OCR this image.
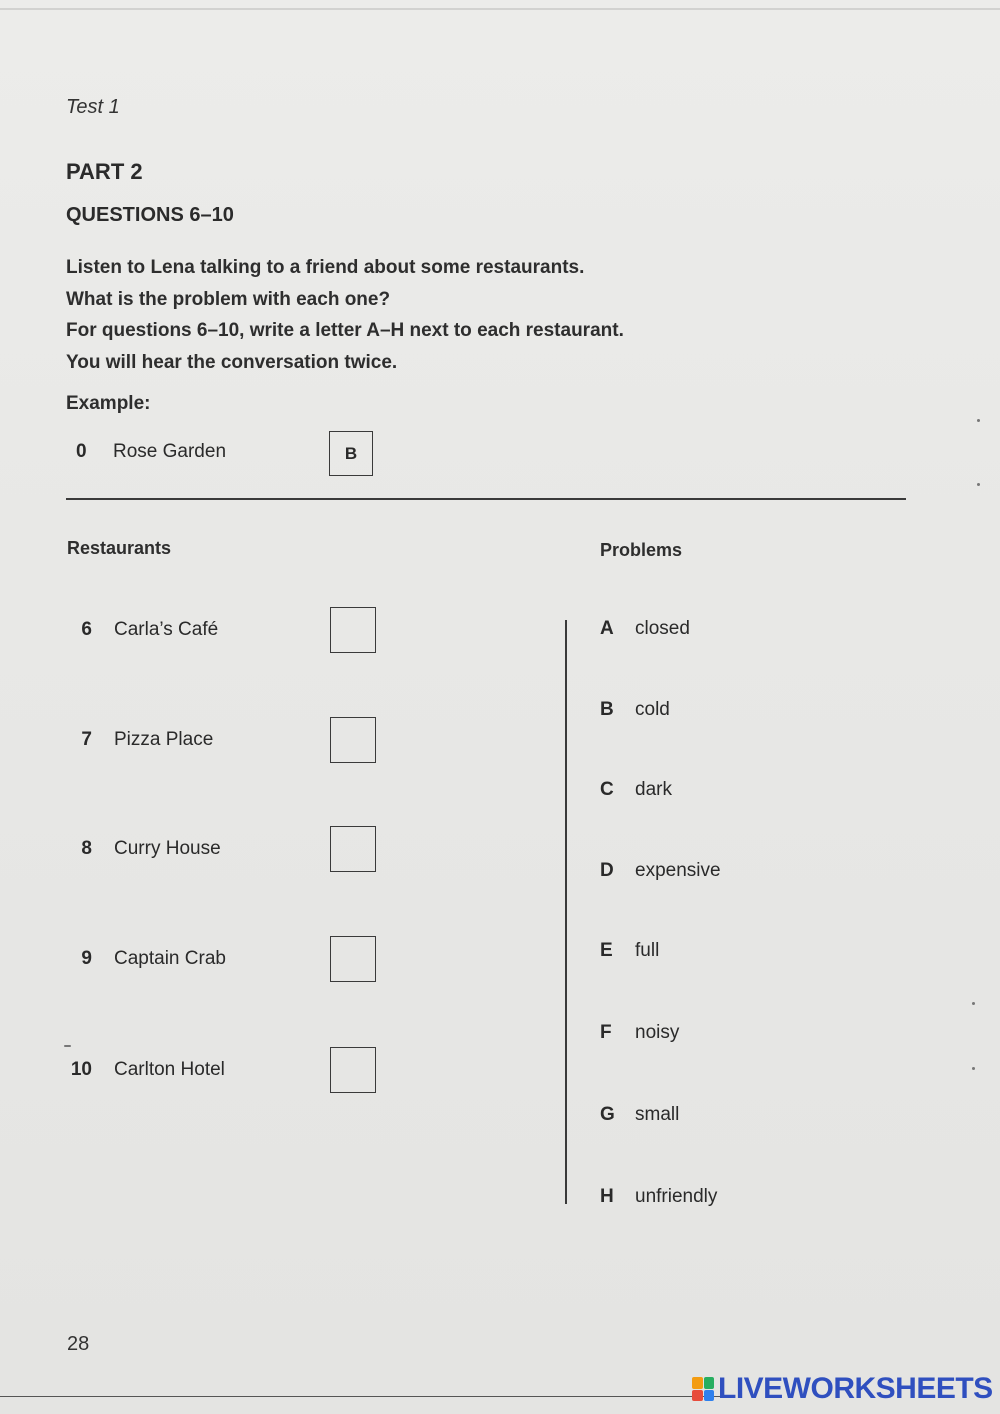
Test 1
PART 2
QUESTIONS 6–10
Listen to Lena talking to a friend about some restaurants.
What is the problem with each one?
For questions 6–10, write a letter A–H next to each restaurant.
You will hear the conversation twice.
Example:
0 Rose Garden	B
Restaurants	Problems
6 Carla’s Café
7 Pizza Place
8 Curry House
9 Captain Crab
10 Carlton Hotel
A closed
B cold
C dark
D expensive
E full
F noisy
G small
H unfriendly
28
LIVEWORKSHEETS
